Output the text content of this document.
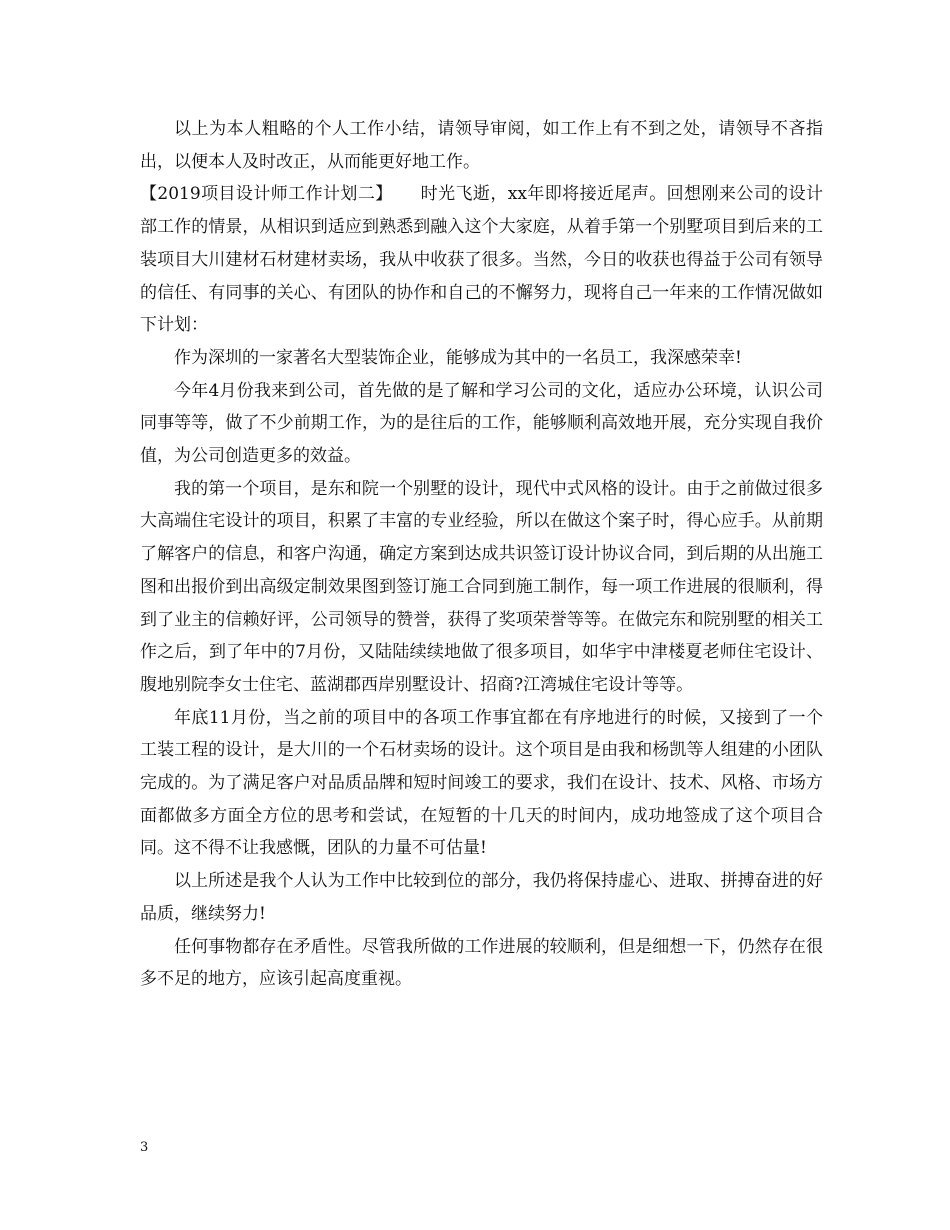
以上为本人粗略的个人工作小结，请领导审阅，如工作上有不到之处，请领导不吝指出，以便本人及时改正，从而能更好地工作。

【2019项目设计师工作计划二】 时光飞逝，xx年即将接近尾声。回想刚来公司的设计部工作的情景，从相识到适应到熟悉到融入这个大家庭，从着手第一个别墅项目到后来的工装项目大川建材石材建材卖场，我从中收获了很多。当然，今日的收获也得益于公司有领导的信任、有同事的关心、有团队的协作和自己的不懈努力，现将自己一年来的工作情况做如下计划：

作为深圳的一家著名大型装饰企业，能够成为其中的一名员工，我深感荣幸!

今年4月份我来到公司，首先做的是了解和学习公司的文化，适应办公环境，认识公司同事等等，做了不少前期工作，为的是往后的工作，能够顺利高效地开展，充分实现自我价值，为公司创造更多的效益。

我的第一个项目，是东和院一个别墅的设计，现代中式风格的设计。由于之前做过很多大高端住宅设计的项目，积累了丰富的专业经验，所以在做这个案子时，得心应手。从前期了解客户的信息，和客户沟通，确定方案到达成共识签订设计协议合同，到后期的从出施工图和出报价到出高级定制效果图到签订施工合同到施工制作，每一项工作进展的很顺利，得到了业主的信赖好评，公司领导的赞誉，获得了奖项荣誉等等。在做完东和院别墅的相关工作之后，到了年中的7月份，又陆陆续续地做了很多项目，如华宇中津楼夏老师住宅设计、腹地别院李女士住宅、蓝湖郡西岸别墅设计、招商?江湾城住宅设计等等。

年底11月份，当之前的项目中的各项工作事宜都在有序地进行的时候，又接到了一个工装工程的设计，是大川的一个石材卖场的设计。这个项目是由我和杨凯等人组建的小团队完成的。为了满足客户对品质品牌和短时间竣工的要求，我们在设计、技术、风格、市场方面都做多方面全方位的思考和尝试，在短暂的十几天的时间内，成功地签成了这个项目合同。这不得不让我感慨，团队的力量不可估量!

以上所述是我个人认为工作中比较到位的部分，我仍将保持虚心、进取、拼搏奋进的好品质，继续努力!

任何事物都存在矛盾性。尽管我所做的工作进展的较顺利，但是细想一下，仍然存在很多不足的地方，应该引起高度重视。

3
